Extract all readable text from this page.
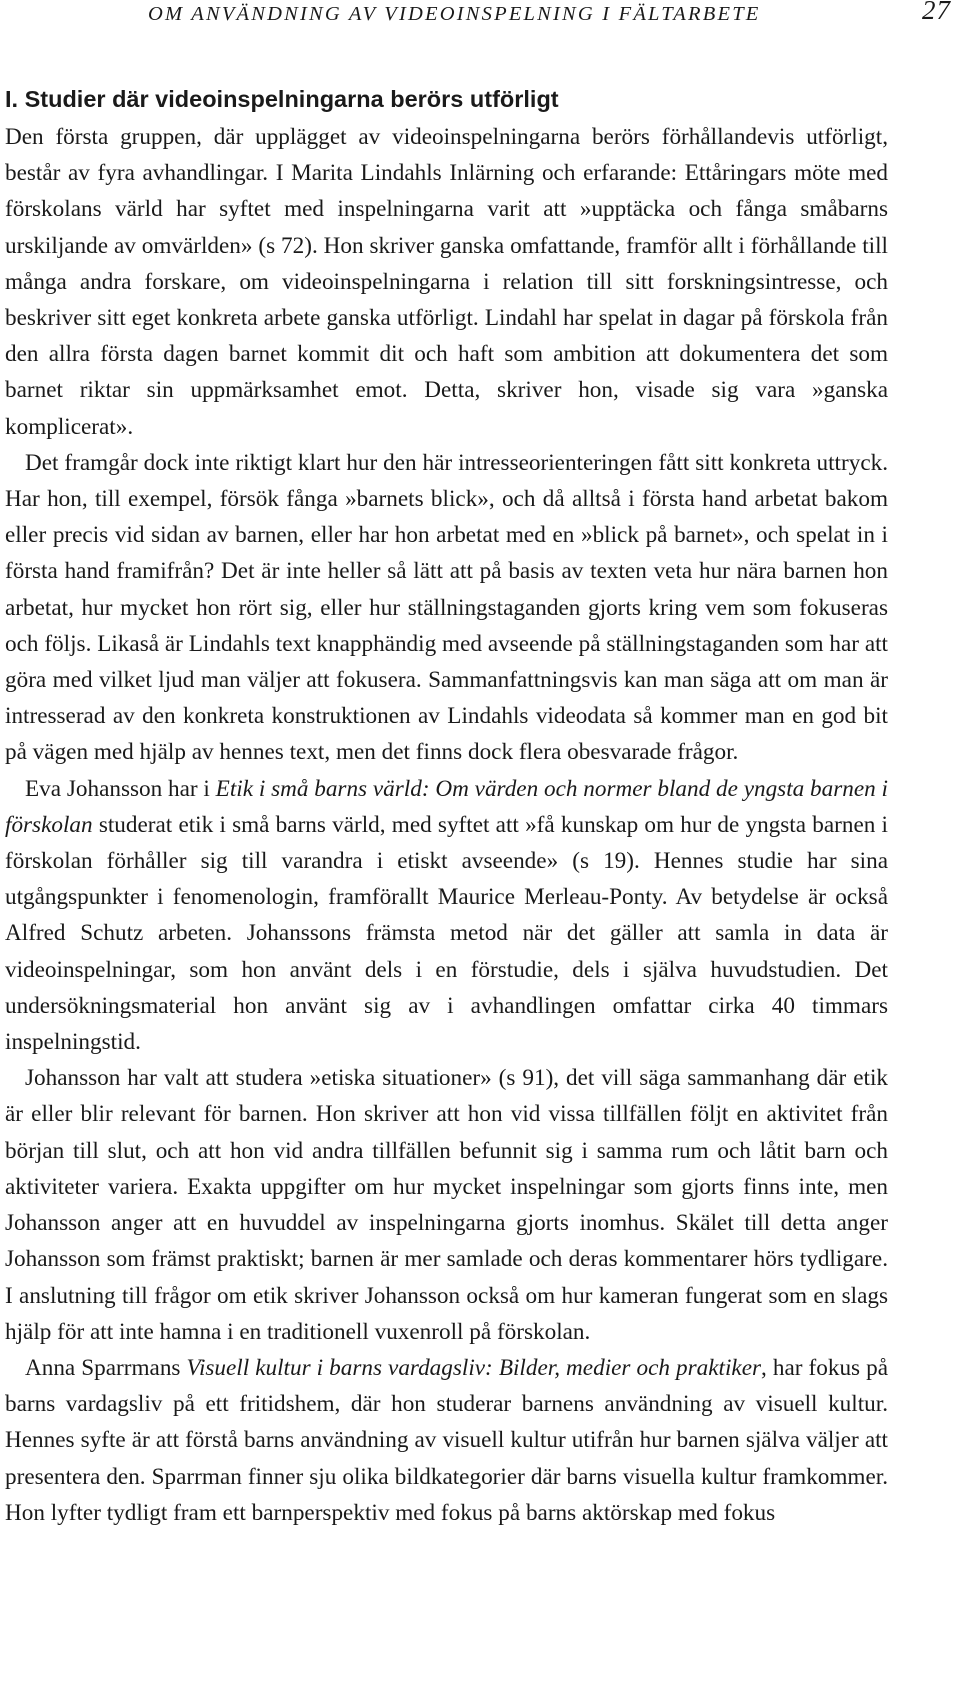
OM ANVÄNDNING AV VIDEOINSPELNING I FÄLTARBETE	27
I. Studier där videoinspelningarna berörs utförligt

Den första gruppen, där upplägget av videoinspelningarna berörs förhållandevis utförligt, består av fyra avhandlingar. I Marita Lindahls Inlärning och erfarande: Ettåringars möte med förskolans värld har syftet med inspelningarna varit att »upptäcka och fånga småbarns urskiljande av omvärlden» (s 72). Hon skriver ganska omfattande, framför allt i förhållande till många andra forskare, om videoinspelningarna i relation till sitt forskningsintresse, och beskriver sitt eget konkreta arbete ganska utförligt. Lindahl har spelat in dagar på förskola från den allra första dagen barnet kommit dit och haft som ambition att dokumentera det som barnet riktar sin uppmärksamhet emot. Detta, skriver hon, visade sig vara »ganska komplicerat».

Det framgår dock inte riktigt klart hur den här intresseorienteringen fått sitt konkreta uttryck. Har hon, till exempel, försök fånga »barnets blick», och då alltså i första hand arbetat bakom eller precis vid sidan av barnen, eller har hon arbetat med en »blick på barnet», och spelat in i första hand framifrån? Det är inte heller så lätt att på basis av texten veta hur nära barnen hon arbetat, hur mycket hon rört sig, eller hur ställningstaganden gjorts kring vem som fokuseras och följs. Likaså är Lindahls text knapphändig med avseende på ställningstaganden som har att göra med vilket ljud man väljer att fokusera. Sammanfattningsvis kan man säga att om man är intresserad av den konkreta konstruktionen av Lindahls videodata så kommer man en god bit på vägen med hjälp av hennes text, men det finns dock flera obesvarade frågor.

Eva Johansson har i Etik i små barns värld: Om värden och normer bland de yngsta barnen i förskolan studerat etik i små barns värld, med syftet att »få kunskap om hur de yngsta barnen i förskolan förhåller sig till varandra i etiskt avseende» (s 19). Hennes studie har sina utgångspunkter i fenomenologin, framförallt Maurice Merleau-Ponty. Av betydelse är också Alfred Schutz arbeten. Johanssons främsta metod när det gäller att samla in data är videoinspelningar, som hon använt dels i en förstudie, dels i själva huvudstudien. Det undersökningsmaterial hon använt sig av i avhandlingen omfattar cirka 40 timmars inspelningstid.

Johansson har valt att studera »etiska situationer» (s 91), det vill säga sammanhang där etik är eller blir relevant för barnen. Hon skriver att hon vid vissa tillfällen följt en aktivitet från början till slut, och att hon vid andra tillfällen befunnit sig i samma rum och låtit barn och aktiviteter variera. Exakta uppgifter om hur mycket inspelningar som gjorts finns inte, men Johansson anger att en huvuddel av inspelningarna gjorts inomhus. Skälet till detta anger Johansson som främst praktiskt; barnen är mer samlade och deras kommentarer hörs tydligare. I anslutning till frågor om etik skriver Johansson också om hur kameran fungerat som en slags hjälp för att inte hamna i en traditionell vuxenroll på förskolan.

Anna Sparrmans Visuell kultur i barns vardagsliv: Bilder, medier och praktiker, har fokus på barns vardagsliv på ett fritidshem, där hon studerar barnens användning av visuell kultur. Hennes syfte är att förstå barns användning av visuell kultur utifrån hur barnen själva väljer att presentera den. Sparrman finner sju olika bildkategorier där barns visuella kultur framkommer. Hon lyfter tydligt fram ett barnperspektiv med fokus på barns aktörskap med fokus
